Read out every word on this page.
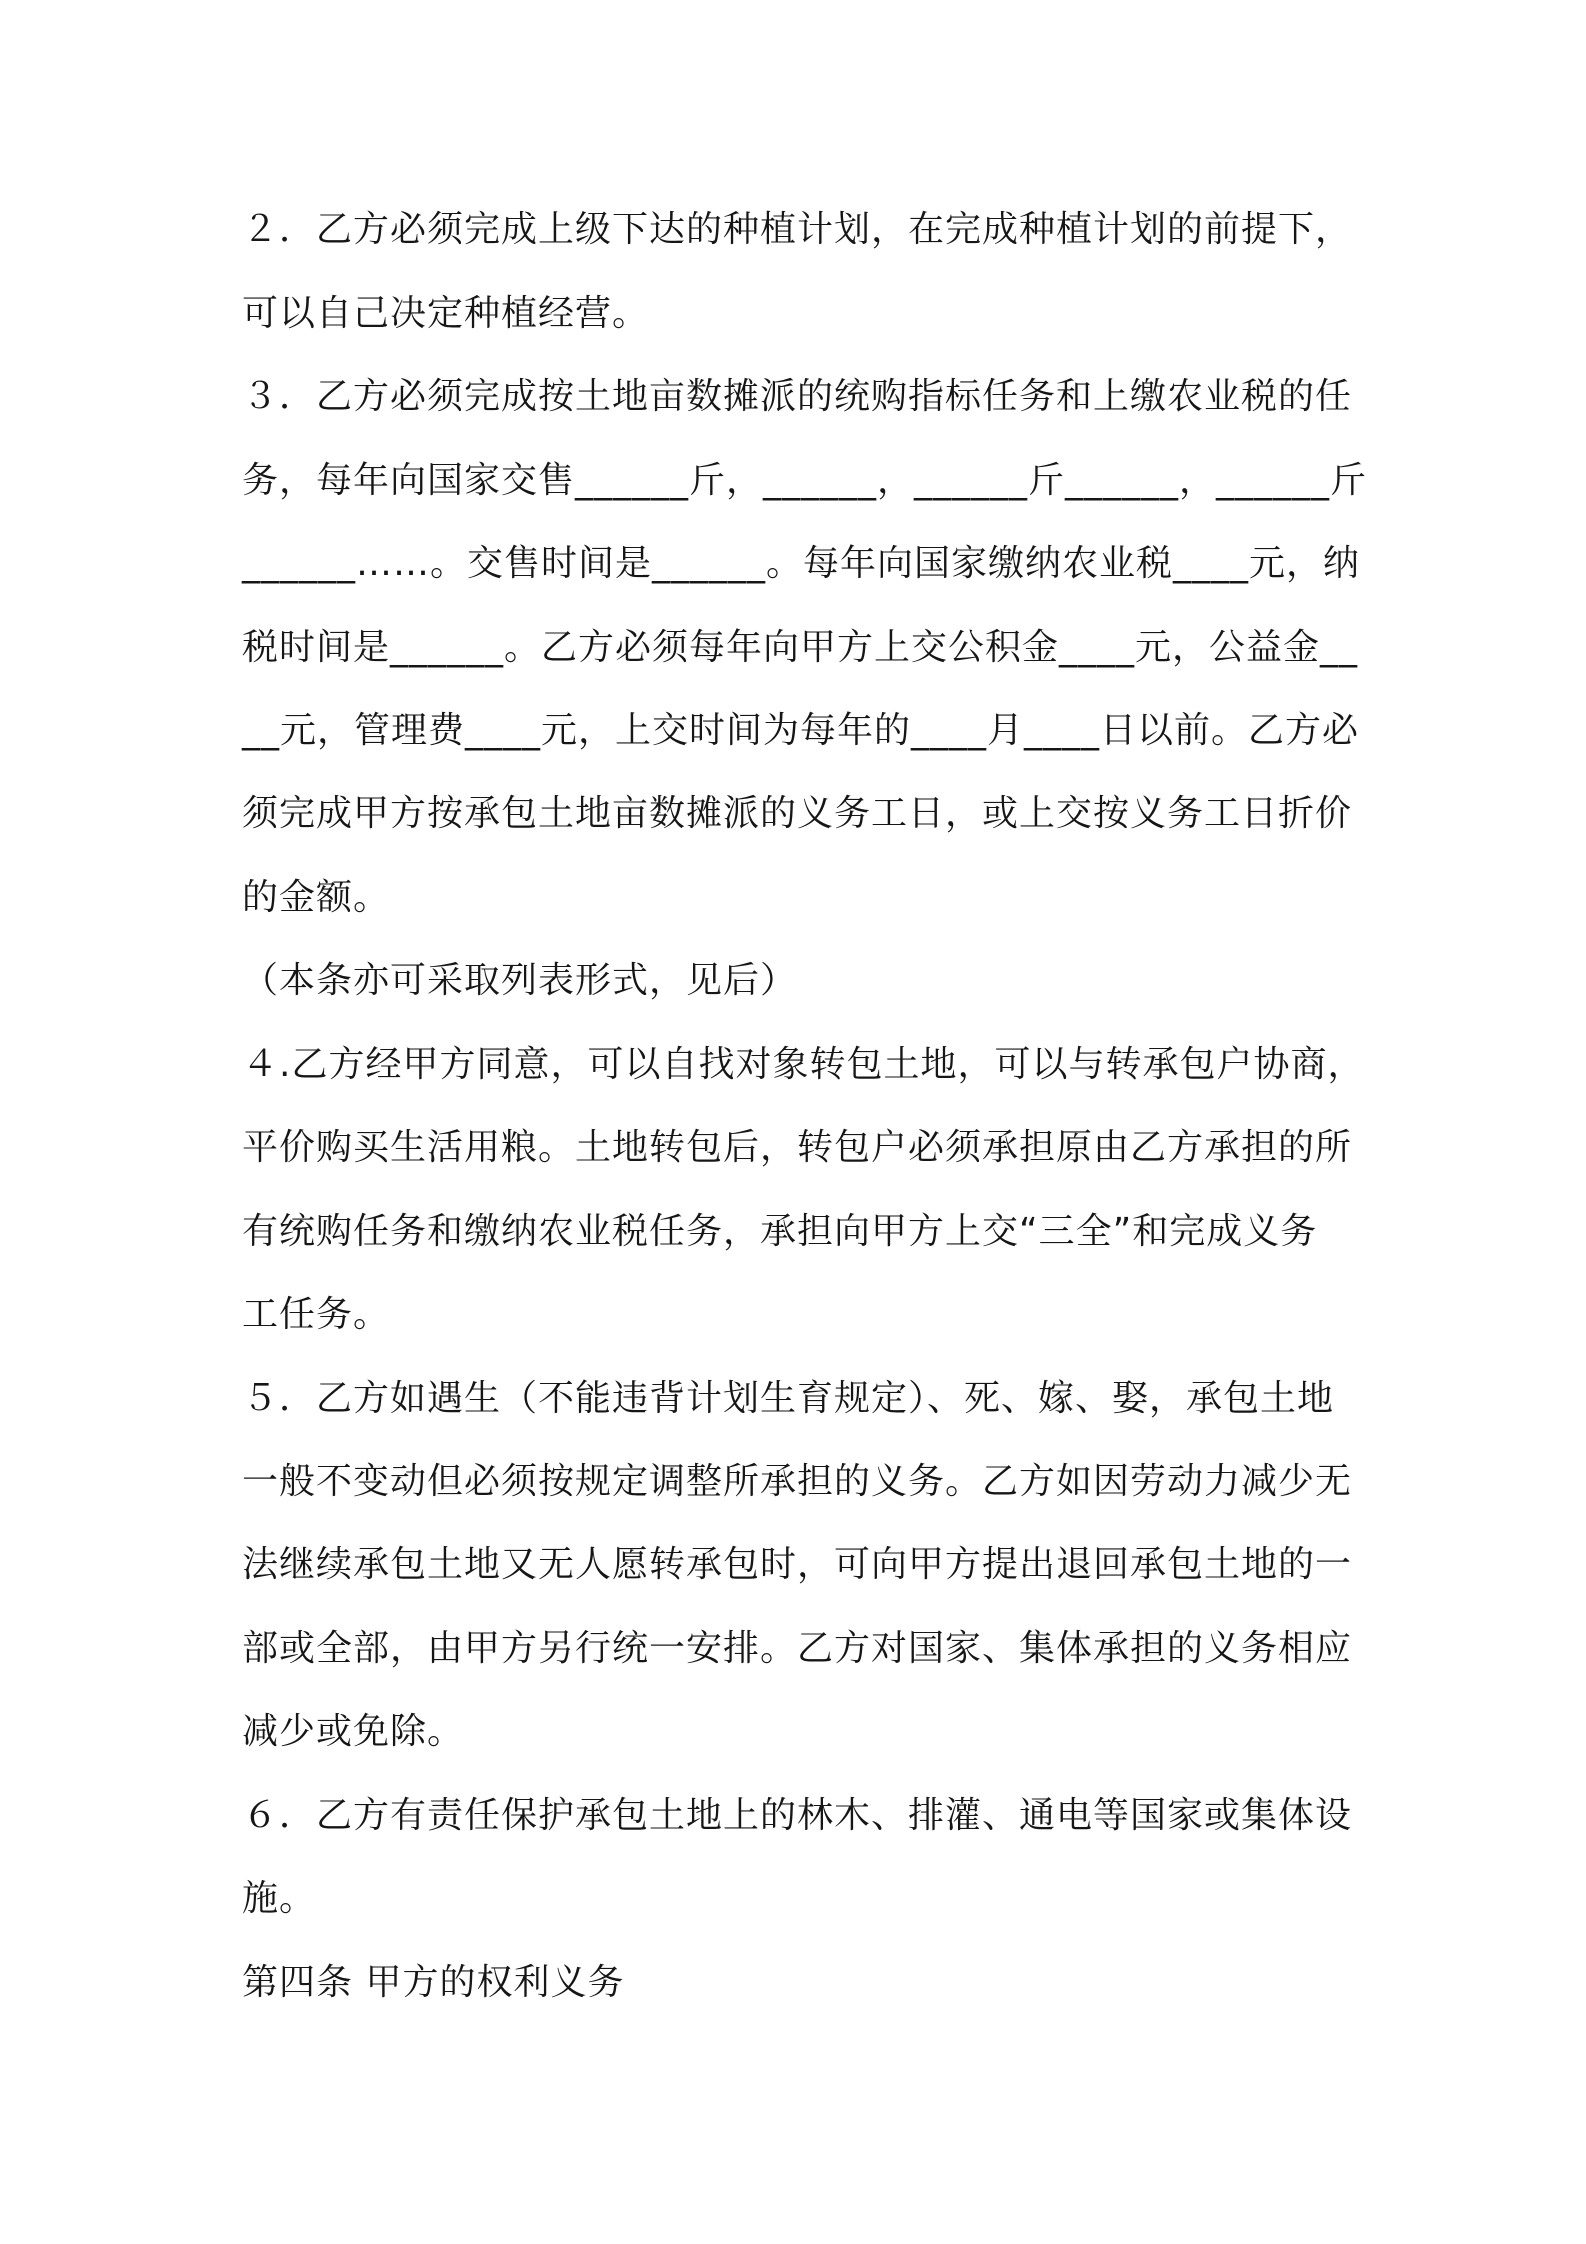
２．乙方必须完成上级下达的种植计划，在完成种植计划的前提下，
可以自己决定种植经营。
３．乙方必须完成按土地亩数摊派的统购指标任务和上缴农业税的任
务，每年向国家交售______斤，______，______斤______，______斤
______……。交售时间是______。每年向国家缴纳农业税____元，纳
税时间是______。乙方必须每年向甲方上交公积金____元，公益金__
__元，管理费____元，上交时间为每年的____月____日以前。乙方必
须完成甲方按承包土地亩数摊派的义务工日，或上交按义务工日折价
的金额。
（本条亦可采取列表形式，见后）
４.乙方经甲方同意，可以自找对象转包土地，可以与转承包户协商，
平价购买生活用粮。土地转包后，转包户必须承担原由乙方承担的所
有统购任务和缴纳农业税任务，承担向甲方上交“三全”和完成义务
工任务。
５．乙方如遇生（不能违背计划生育规定）、死、嫁、娶，承包土地
一般不变动但必须按规定调整所承担的义务。乙方如因劳动力减少无
法继续承包土地又无人愿转承包时，可向甲方提出退回承包土地的一
部或全部，由甲方另行统一安排。乙方对国家、集体承担的义务相应
减少或免除。
６．乙方有责任保护承包土地上的林木、排灌、通电等国家或集体设
施。
第四条 甲方的权利义务
